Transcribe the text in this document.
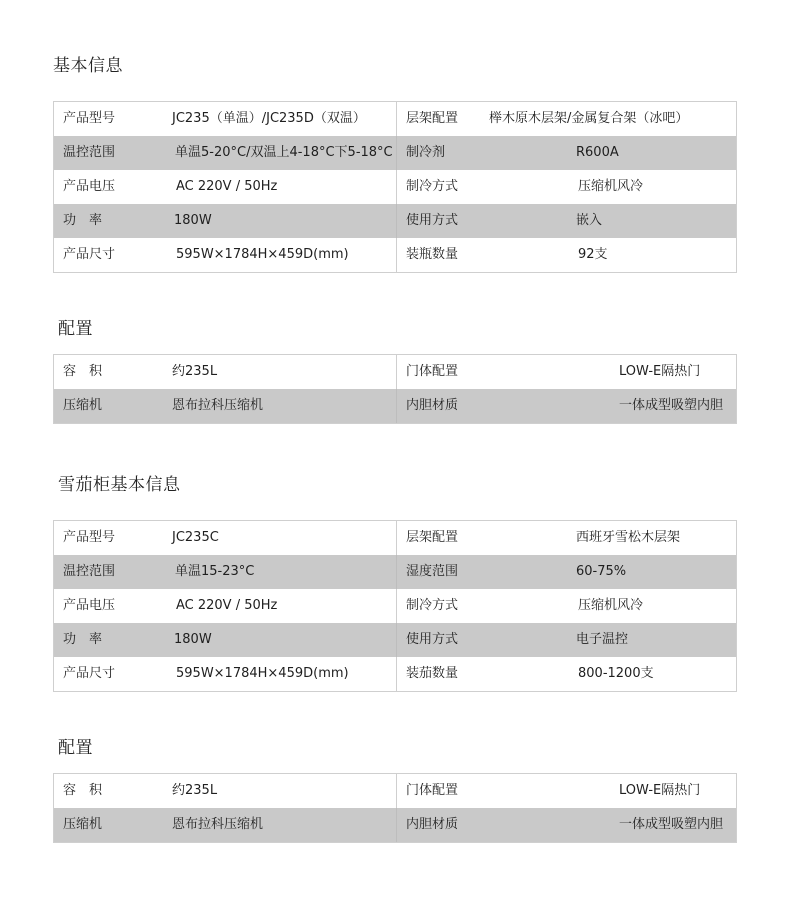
基本信息
产品型号	JC235（单温）/JC235D（双温）	层架配置 榉木原木层架/金属复合架（冰吧）
温控范围	单温5-20°C/双温上4-18°C下5-18°C 制冷剂	R600A
产品电压	AC 220V / 50Hz	制冷方式	压缩机风冷
功　率	180W	使用方式	嵌入
产品尺寸	595W×1784H×459D(mm)	装瓶数量	92支
配置
容　积	约235L	门体配置	LOW-E隔热门
压缩机	恩布拉科压缩机	内胆材质	一体成型吸塑内胆
雪茄柜基本信息
产品型号	JC235C	层架配置	西班牙雪松木层架
温控范围	单温15-23°C	湿度范围	60-75%
产品电压	AC 220V / 50Hz	制冷方式	压缩机风冷
功　率	180W	使用方式	电子温控
产品尺寸	595W×1784H×459D(mm)	装茄数量	800-1200支
配置
容　积	约235L	门体配置	LOW-E隔热门
压缩机	恩布拉科压缩机	内胆材质	一体成型吸塑内胆
